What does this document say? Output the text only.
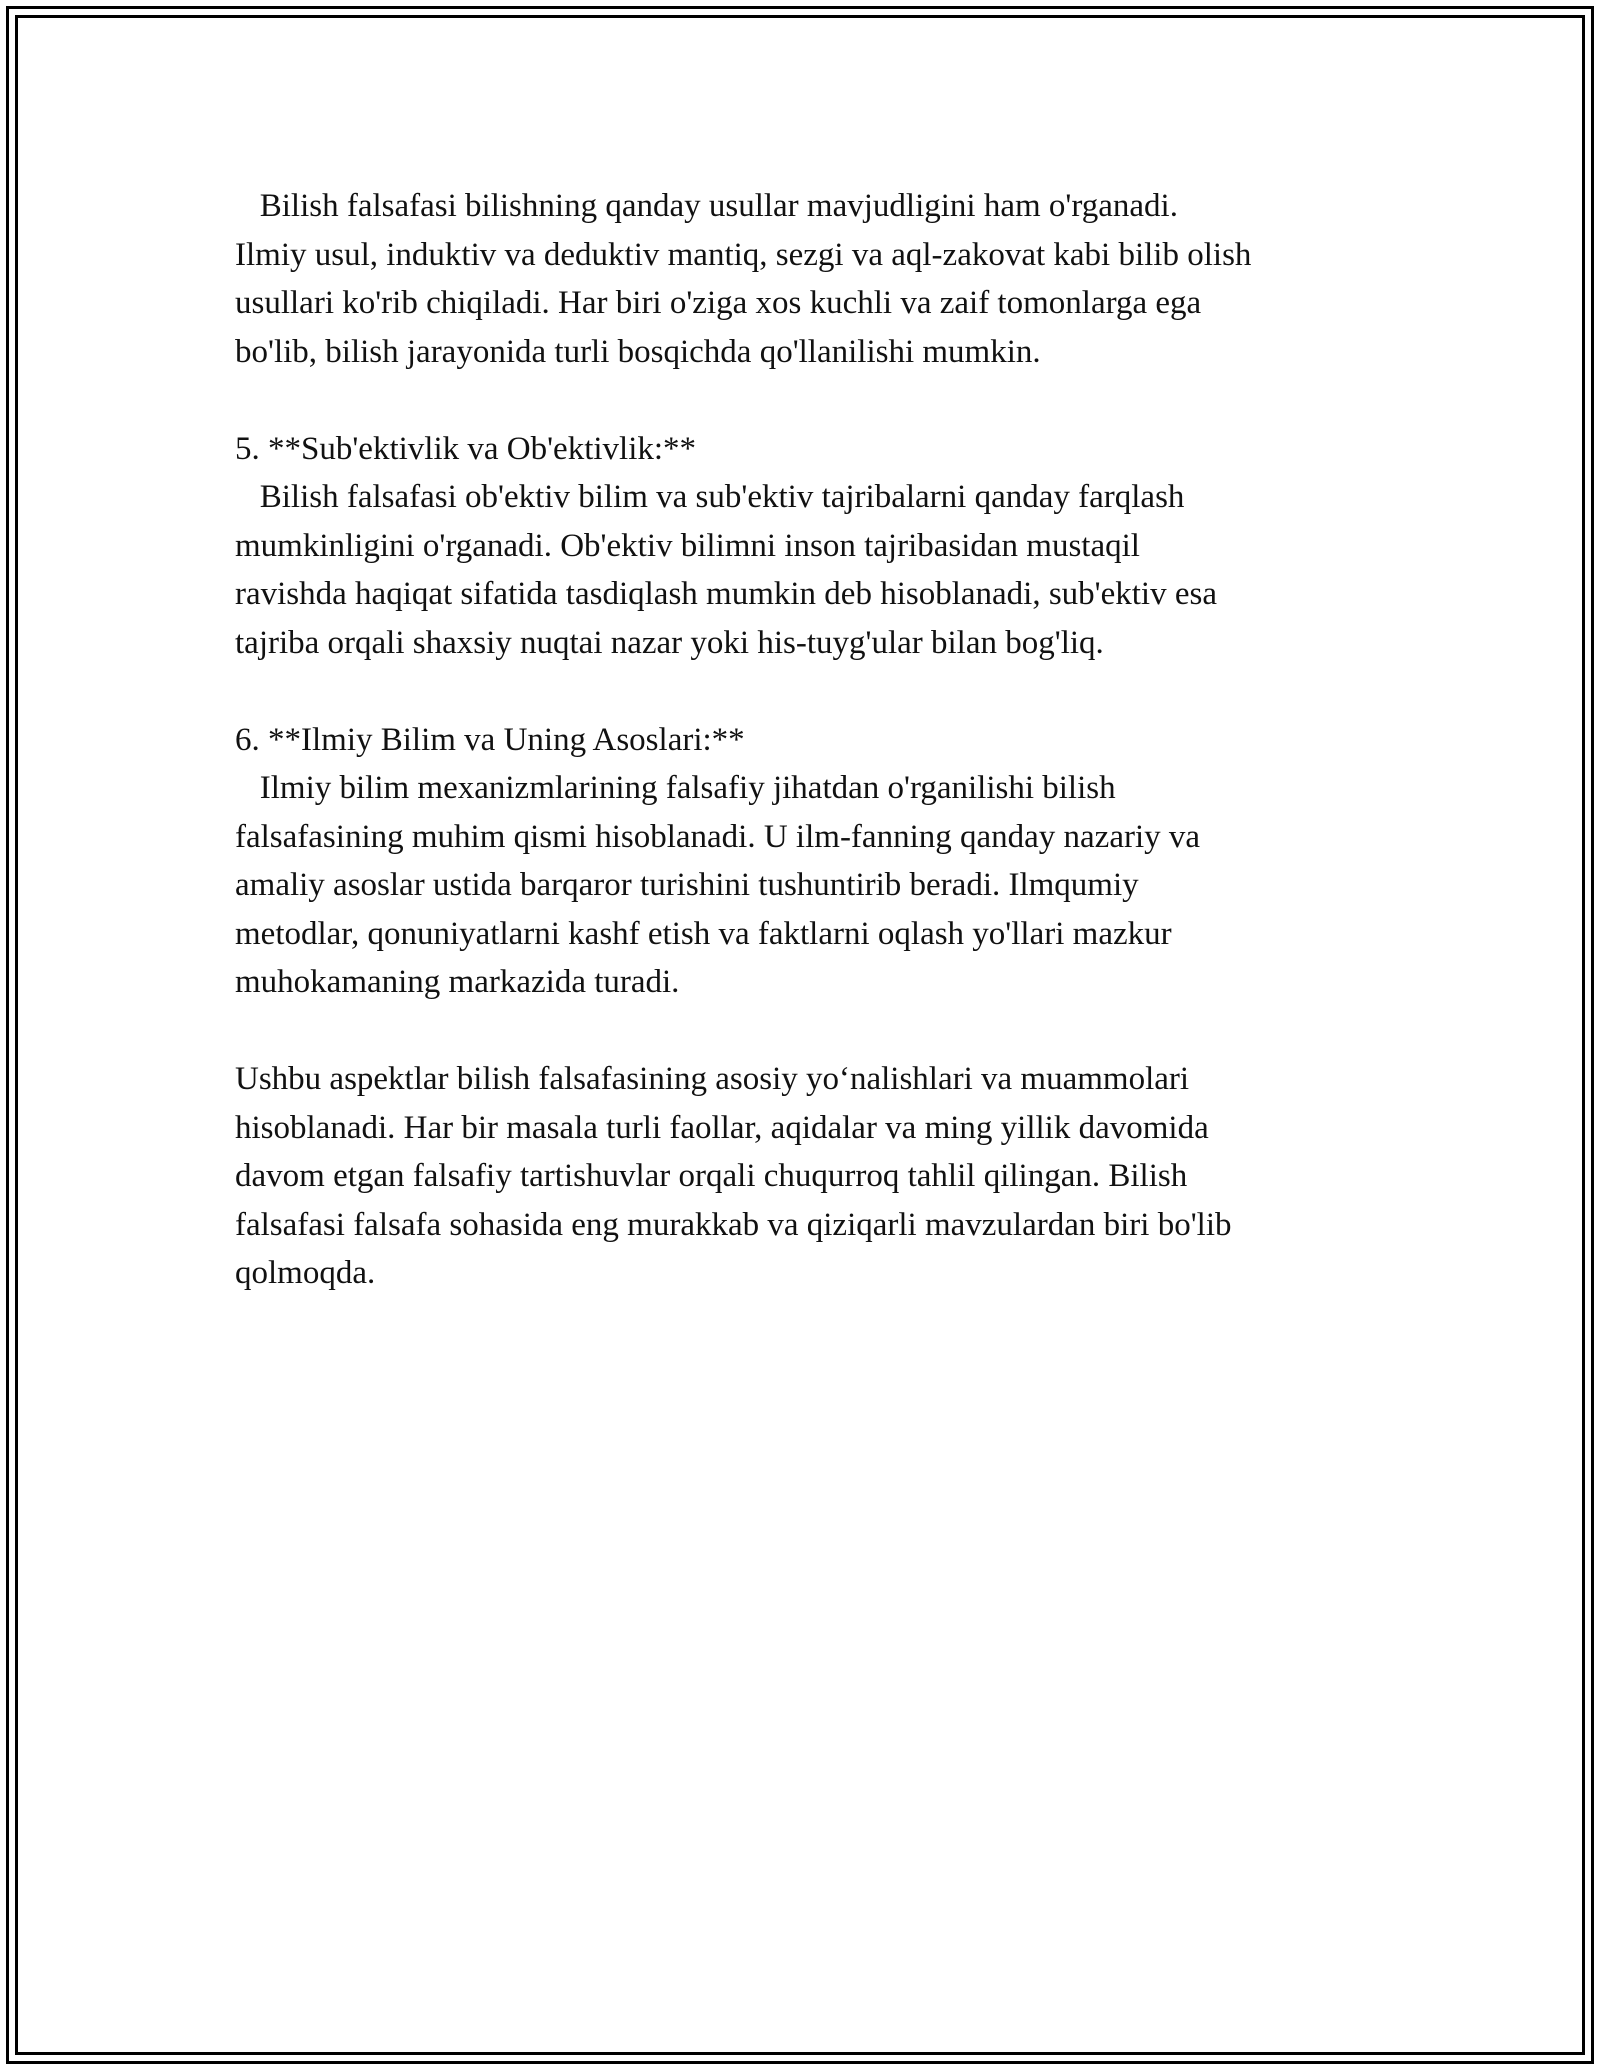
Bilish falsafasi bilishning qanday usullar mavjudligini ham o'rganadi.

Ilmiy usul, induktiv va deduktiv mantiq, sezgi va aql-zakovat kabi bilib olish

usullari ko'rib chiqiladi. Har biri o'ziga xos kuchli va zaif tomonlarga ega

bo'lib, bilish jarayonida turli bosqichda qo'llanilishi mumkin.

5. **Sub'ektivlik va Ob'ektivlik:**

Bilish falsafasi ob'ektiv bilim va sub'ektiv tajribalarni qanday farqlash

mumkinligini o'rganadi. Ob'ektiv bilimni inson tajribasidan mustaqil

ravishda haqiqat sifatida tasdiqlash mumkin deb hisoblanadi, sub'ektiv esa

tajriba orqali shaxsiy nuqtai nazar yoki his-tuyg'ular bilan bog'liq.

6. **Ilmiy Bilim va Uning Asoslari:**

Ilmiy bilim mexanizmlarining falsafiy jihatdan o'rganilishi bilish

falsafasining muhim qismi hisoblanadi. U ilm-fanning qanday nazariy va

amaliy asoslar ustida barqaror turishini tushuntirib beradi. Ilmqumiy

metodlar, qonuniyatlarni kashf etish va faktlarni oqlash yo'llari mazkur

muhokamaning markazida turadi.

Ushbu aspektlar bilish falsafasining asosiy yo‘nalishlari va muammolari

hisoblanadi. Har bir masala turli faollar, aqidalar va ming yillik davomida

davom etgan falsafiy tartishuvlar orqali chuqurroq tahlil qilingan. Bilish

falsafasi falsafa sohasida eng murakkab va qiziqarli mavzulardan biri bo'lib

qolmoqda.
